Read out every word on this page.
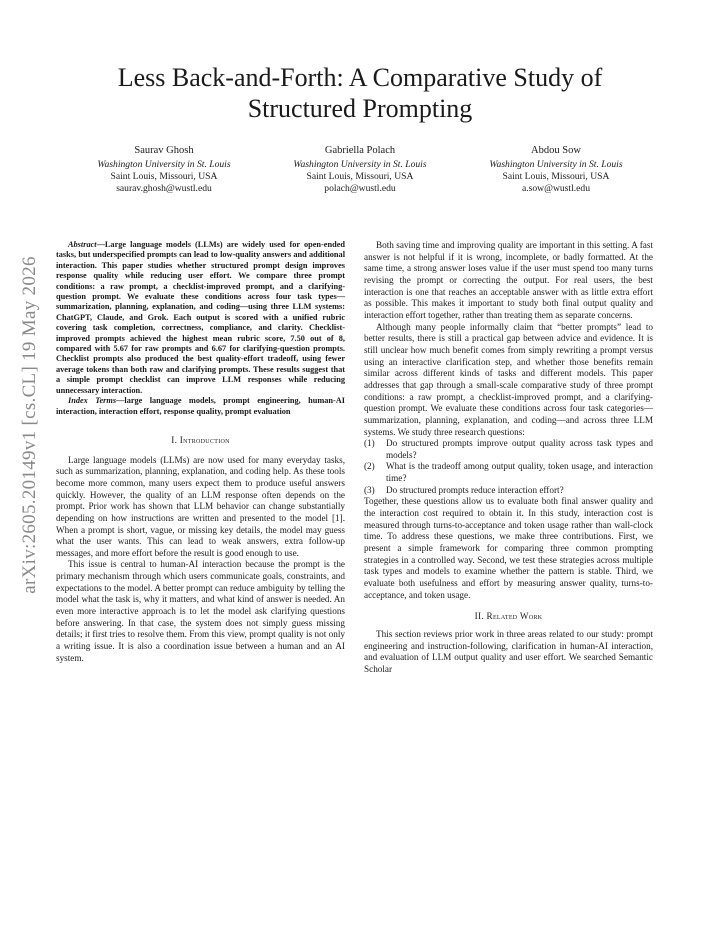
arXiv:2605.20149v1 [cs.CL] 19 May 2026
Less Back-and-Forth: A Comparative Study of Structured Prompting
Saurav Ghosh
Washington University in St. Louis
Saint Louis, Missouri, USA
saurav.ghosh@wustl.edu
Gabriella Polach
Washington University in St. Louis
Saint Louis, Missouri, USA
polach@wustl.edu
Abdou Sow
Washington University in St. Louis
Saint Louis, Missouri, USA
a.sow@wustl.edu

Abstract—Large language models (LLMs) are widely used for open-ended tasks, but underspecified prompts can lead to low-quality answers and additional interaction. This paper studies whether structured prompt design improves response quality while reducing user effort. We compare three prompt conditions: a raw prompt, a checklist-improved prompt, and a clarifying-question prompt. We evaluate these conditions across four task types—summarization, planning, explanation, and coding—using three LLM systems: ChatGPT, Claude, and Grok. Each output is scored with a unified rubric covering task completion, correctness, compliance, and clarity. Checklist-improved prompts achieved the highest mean rubric score, 7.50 out of 8, compared with 5.67 for raw prompts and 6.67 for clarifying-question prompts. Checklist prompts also produced the best quality-effort tradeoff, using fewer average tokens than both raw and clarifying prompts. These results suggest that a simple prompt checklist can improve LLM responses while reducing unnecessary interaction.

Index Terms—large language models, prompt engineering, human-AI interaction, interaction effort, response quality, prompt evaluation

I. Introduction

Large language models (LLMs) are now used for many everyday tasks, such as summarization, planning, explanation, and coding help. As these tools become more common, many users expect them to produce useful answers quickly. However, the quality of an LLM response often depends on the prompt. Prior work has shown that LLM behavior can change substantially depending on how instructions are written and presented to the model [1]. When a prompt is short, vague, or missing key details, the model may guess what the user wants. This can lead to weak answers, extra follow-up messages, and more effort before the result is good enough to use.

This issue is central to human-AI interaction because the prompt is the primary mechanism through which users communicate goals, constraints, and expectations to the model. A better prompt can reduce ambiguity by telling the model what the task is, why it matters, and what kind of answer is needed. An even more interactive approach is to let the model ask clarifying questions before answering. In that case, the system does not simply guess missing details; it first tries to resolve them. From this view, prompt quality is not only a writing issue. It is also a coordination issue between a human and an AI system.

Both saving time and improving quality are important in this setting. A fast answer is not helpful if it is wrong, incomplete, or badly formatted. At the same time, a strong answer loses value if the user must spend too many turns revising the prompt or correcting the output. For real users, the best interaction is one that reaches an acceptable answer with as little extra effort as possible. This makes it important to study both final output quality and interaction effort together, rather than treating them as separate concerns.

Although many people informally claim that “better prompts” lead to better results, there is still a practical gap between advice and evidence. It is still unclear how much benefit comes from simply rewriting a prompt versus using an interactive clarification step, and whether those benefits remain similar across different kinds of tasks and different models. This paper addresses that gap through a small-scale comparative study of three prompt conditions: a raw prompt, a checklist-improved prompt, and a clarifying-question prompt. We evaluate these conditions across four task categories—summarization, planning, explanation, and coding—and across three LLM systems. We study three research questions:

(1) Do structured prompts improve output quality across task types and models?
(2) What is the tradeoff among output quality, token usage, and interaction time?
(3) Do structured prompts reduce interaction effort?

Together, these questions allow us to evaluate both final answer quality and the interaction cost required to obtain it. In this study, interaction cost is measured through turns-to-acceptance and token usage rather than wall-clock time. To address these questions, we make three contributions. First, we present a simple framework for comparing three common prompting strategies in a controlled way. Second, we test these strategies across multiple task types and models to examine whether the pattern is stable. Third, we evaluate both usefulness and effort by measuring answer quality, turns-to-acceptance, and token usage.

II. Related Work

This section reviews prior work in three areas related to our study: prompt engineering and instruction-following, clarification in human-AI interaction, and evaluation of LLM output quality and user effort. We searched Semantic Scholar
